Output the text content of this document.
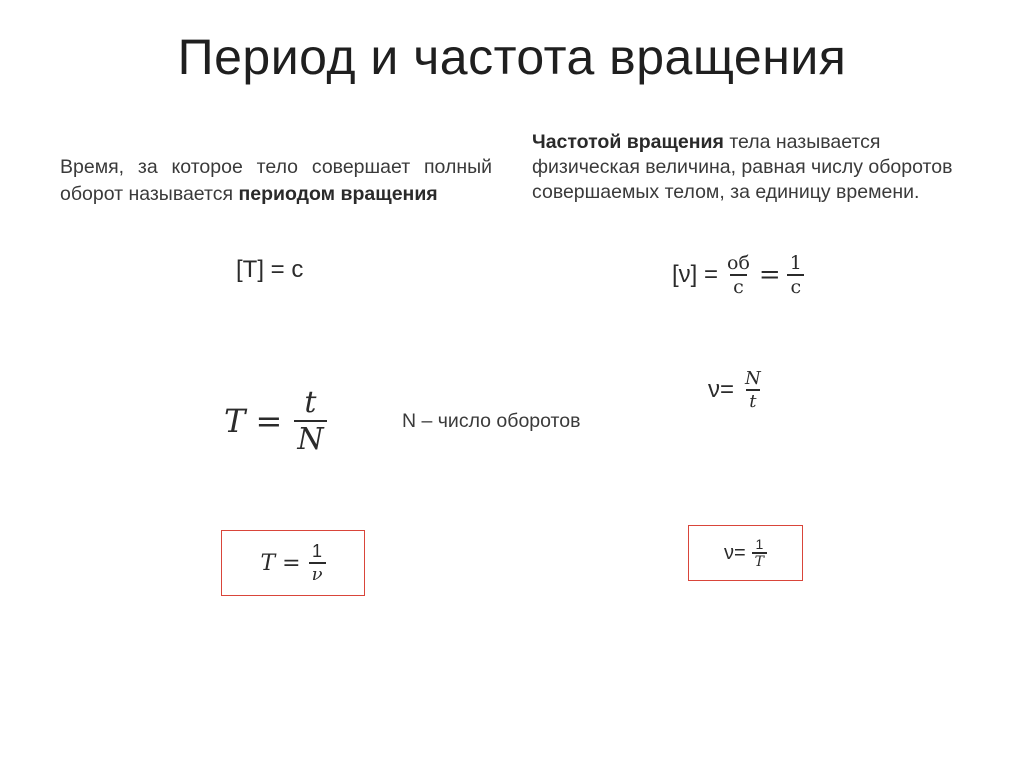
Период и частота вращения
Время, за которое тело совершает полный оборот называется периодом вращения
Частотой вращения тела называется физическая величина, равная числу оборотов совершаемых телом, за единицу времени.
[T] = c	$[\nu] = \frac{об}{с} = \frac{1}{с}$
$T = \frac{t}{N}$	N – число оборотов
$\nu= \frac{N}{t}$
$T = \frac{1}{\nu}$	$\nu= \frac{1}{T}$
